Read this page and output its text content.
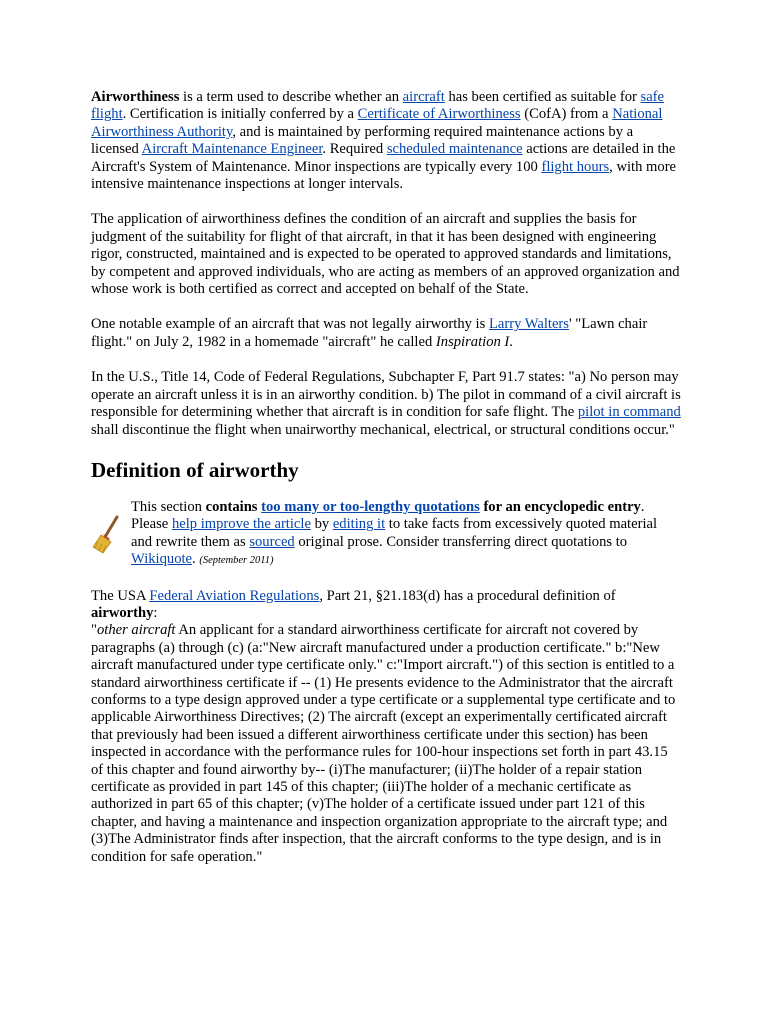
Airworthiness is a term used to describe whether an aircraft has been certified as suitable for safe flight. Certification is initially conferred by a Certificate of Airworthiness (CofA) from a National Airworthiness Authority, and is maintained by performing required maintenance actions by a licensed Aircraft Maintenance Engineer. Required scheduled maintenance actions are detailed in the Aircraft's System of Maintenance. Minor inspections are typically every 100 flight hours, with more intensive maintenance inspections at longer intervals.

The application of airworthiness defines the condition of an aircraft and supplies the basis for judgment of the suitability for flight of that aircraft, in that it has been designed with engineering rigor, constructed, maintained and is expected to be operated to approved standards and limitations, by competent and approved individuals, who are acting as members of an approved organization and whose work is both certified as correct and accepted on behalf of the State.

One notable example of an aircraft that was not legally airworthy is Larry Walters' "Lawn chair flight." on July 2, 1982 in a homemade "aircraft" he called Inspiration I.

In the U.S., Title 14, Code of Federal Regulations, Subchapter F, Part 91.7 states: "a) No person may operate an aircraft unless it is in an airworthy condition. b) The pilot in command of a civil aircraft is responsible for determining whether that aircraft is in condition for safe flight. The pilot in command shall discontinue the flight when unairworthy mechanical, electrical, or structural conditions occur."

Definition of airworthy

This section contains too many or too-lengthy quotations for an encyclopedic entry. Please help improve the article by editing it to take facts from excessively quoted material and rewrite them as sourced original prose. Consider transferring direct quotations to Wikiquote. (September 2011)

The USA Federal Aviation Regulations, Part 21, §21.183(d) has a procedural definition of airworthy:

"other aircraft An applicant for a standard airworthiness certificate for aircraft not covered by paragraphs (a) through (c) (a:"New aircraft manufactured under a production certificate." b:"New aircraft manufactured under type certificate only." c:"Import aircraft.") of this section is entitled to a standard airworthiness certificate if -- (1) He presents evidence to the Administrator that the aircraft conforms to a type design approved under a type certificate or a supplemental type certificate and to applicable Airworthiness Directives; (2) The aircraft (except an experimentally certificated aircraft that previously had been issued a different airworthiness certificate under this section) has been inspected in accordance with the performance rules for 100-hour inspections set forth in part 43.15 of this chapter and found airworthy by-- (i)The manufacturer; (ii)The holder of a repair station certificate as provided in part 145 of this chapter; (iii)The holder of a mechanic certificate as authorized in part 65 of this chapter; (v)The holder of a certificate issued under part 121 of this chapter, and having a maintenance and inspection organization appropriate to the aircraft type; and (3)The Administrator finds after inspection, that the aircraft conforms to the type design, and is in condition for safe operation."
